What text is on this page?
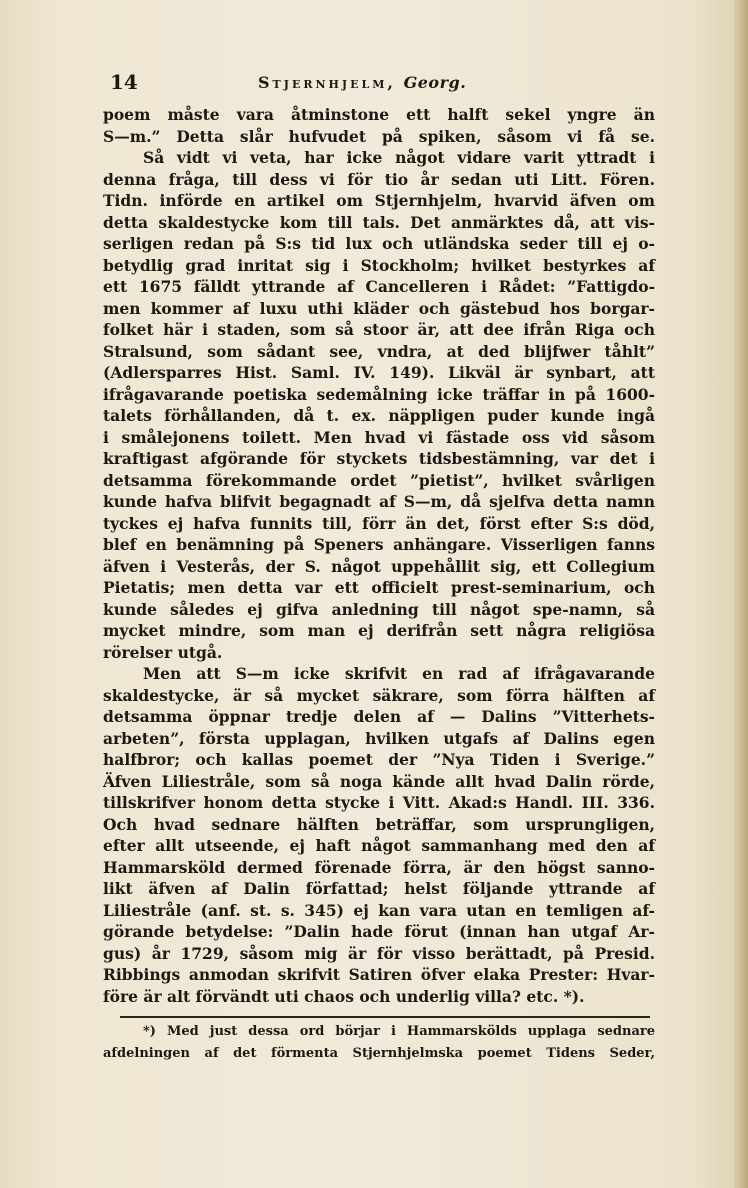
14	Stjernhjelm, Georg.
poem måste vara åtminstone ett halft sekel yngre än
S—m.” Detta slår hufvudet på spiken, såsom vi få se.
Så vidt vi veta, har icke något vidare varit yttradt i
denna fråga, till dess vi för tio år sedan uti Litt. Fören.
Tidn. införde en artikel om Stjernhjelm, hvarvid äfven om
detta skaldestycke kom till tals. Det anmärktes då, att vis-
serligen redan på S:s tid lux och utländska seder till ej o-
betydlig grad inritat sig i Stockholm; hvilket bestyrkes af
ett 1675 fälldt yttrande af Cancelleren i Rådet: ”Fattigdo-
men kommer af luxu uthi kläder och gästebud hos borgar-
folket här i staden, som så stoor är, att dee ifrån Riga och
Stralsund, som sådant see, vndra, at ded blijfwer tåhlt”
(Adlersparres Hist. Saml. IV. 149). Likväl är synbart, att
ifrågavarande poetiska sedemålning icke träffar in på 1600-
talets förhållanden, då t. ex. näppligen puder kunde ingå
i smålejonens toilett. Men hvad vi fästade oss vid såsom
kraftigast afgörande för styckets tidsbestämning, var det i
detsamma förekommande ordet ”pietist”, hvilket svårligen
kunde hafva blifvit begagnadt af S—m, då sjelfva detta namn
tyckes ej hafva funnits till, förr än det, först efter S:s död,
blef en benämning på Speners anhängare. Visserligen fanns
äfven i Vesterås, der S. något uppehållit sig, ett Collegium
Pietatis; men detta var ett officielt prest-seminarium, och
kunde således ej gifva anledning till något spe-namn, så
mycket mindre, som man ej derifrån sett några religiösa
rörelser utgå.
Men att S—m icke skrifvit en rad af ifrågavarande
skaldestycke, är så mycket säkrare, som förra hälften af
detsamma öppnar tredje delen af — Dalins ”Vitterhets-
arbeten”, första upplagan, hvilken utgafs af Dalins egen
halfbror; och kallas poemet der ”Nya Tiden i Sverige.”
Äfven Liliestråle, som så noga kände allt hvad Dalin rörde,
tillskrifver honom detta stycke i Vitt. Akad:s Handl. III. 336.
Och hvad sednare hälften beträffar, som ursprungligen,
efter allt utseende, ej haft något sammanhang med den af
Hammarsköld dermed förenade förra, är den högst sanno-
likt äfven af Dalin författad; helst följande yttrande af
Liliestråle (anf. st. s. 345) ej kan vara utan en temligen af-
görande betydelse: ”Dalin hade förut (innan han utgaf Ar-
gus) år 1729, såsom mig är för visso berättadt, på Presid.
Ribbings anmodan skrifvit Satiren öfver elaka Prester: Hvar-
före är alt förvändt uti chaos och underlig villa? etc. *).
*) Med just dessa ord börjar i Hammarskölds upplaga sednare
afdelningen af det förmenta Stjernhjelmska poemet Tidens Seder,
